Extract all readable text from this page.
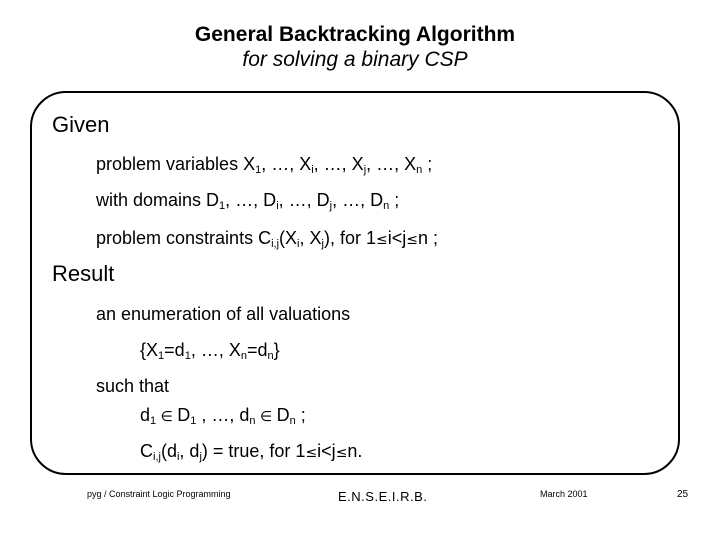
General Backtracking Algorithm
for solving a binary CSP
Given
problem variables $X_1$, …, $X_i$, …, $X_j$, …, $X_n$ ;
with domains $D_1$, …, $D_i$, …, $D_j$, …, $D_n$ ;
problem constraints $C_{i,j}(X_i$, $X_j$), for 1≤i<j≤n ;
Result
an enumeration of all valuations
{$X_1=d_1$, …, $X_n=d_n$}
such that
$d_1$ ∈ $D_1$ , …, $d_n$ ∈ $D_n$ ;
$C_{i,j}(d_i$, $d_j$) = true, for 1≤i<j≤n.
pyg / Constraint Logic Programming	E.N.S.E.I.R.B.	March 2001	25
